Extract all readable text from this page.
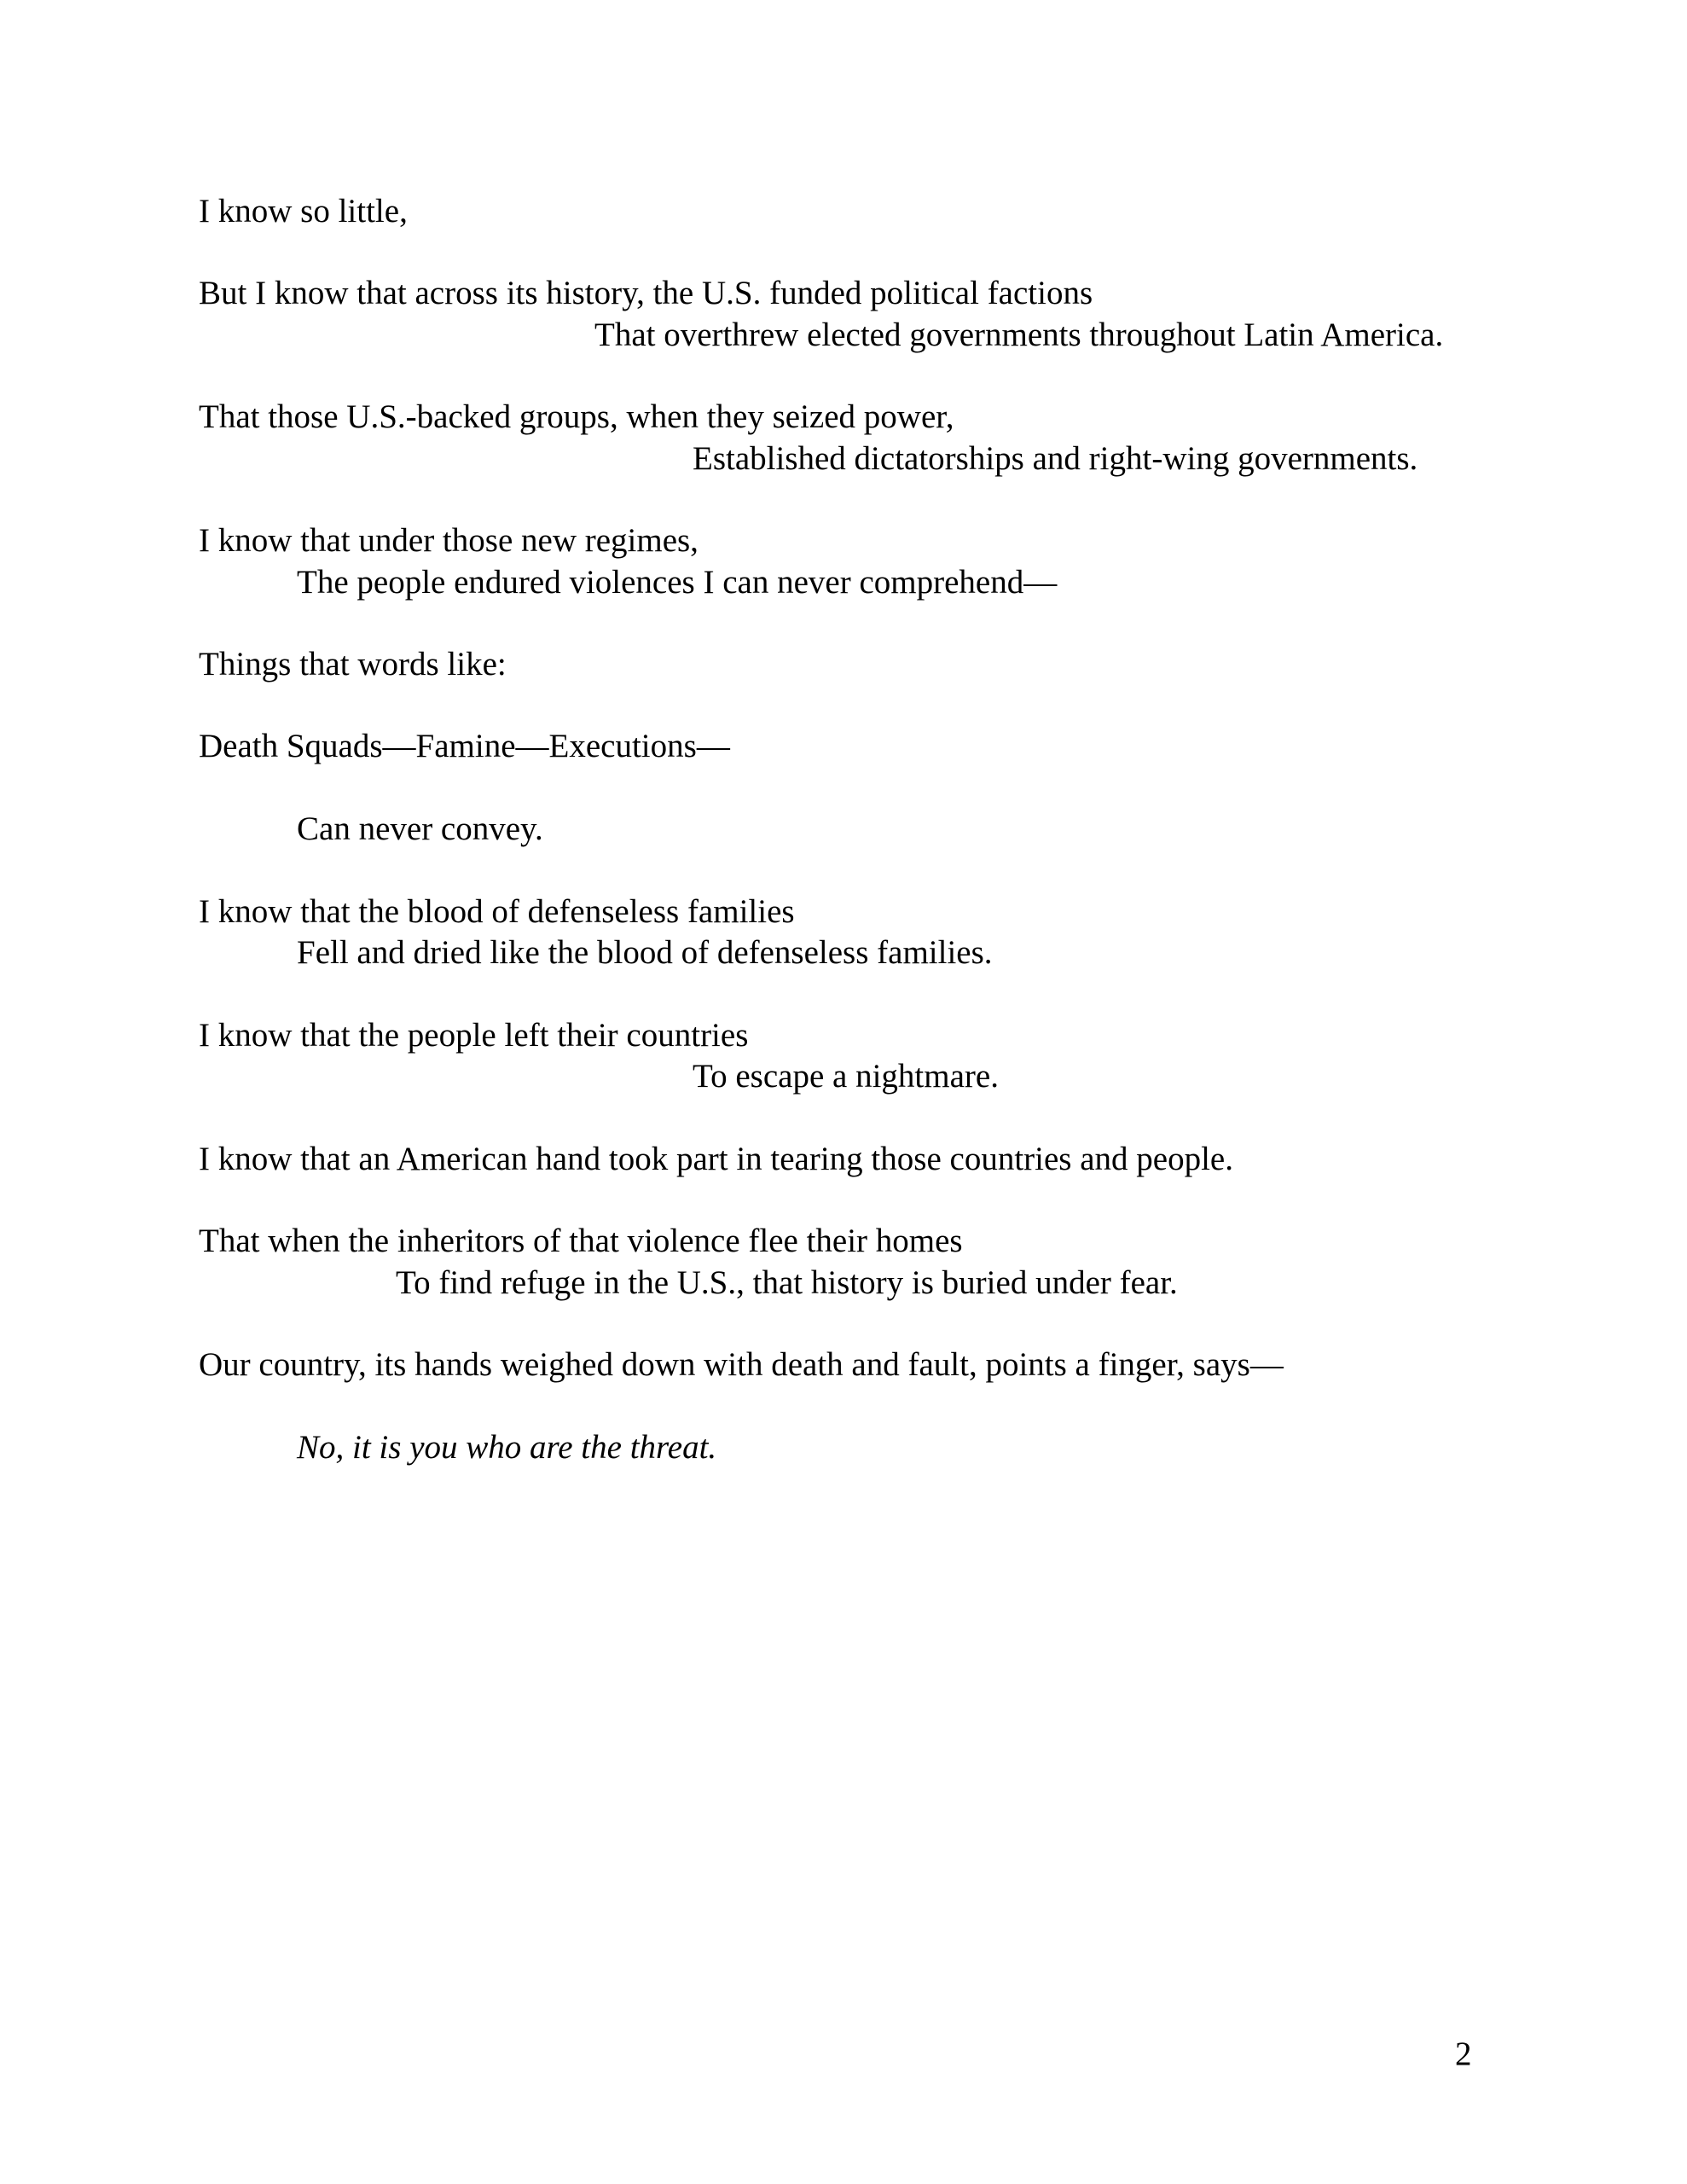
I know so little,

But I know that across its history, the U.S. funded political factions

That overthrew elected governments throughout Latin America.

That those U.S.-backed groups, when they seized power,

Established dictatorships and right-wing governments.

I know that under those new regimes,

The people endured violences I can never comprehend—

Things that words like:

Death Squads—Famine—Executions—

Can never convey.

I know that the blood of defenseless families

Fell and dried like the blood of defenseless families.

I know that the people left their countries

To escape a nightmare.

I know that an American hand took part in tearing those countries and people.

That when the inheritors of that violence flee their homes

To find refuge in the U.S., that history is buried under fear.

Our country, its hands weighed down with death and fault, points a finger, says—

No, it is you who are the threat.

2
